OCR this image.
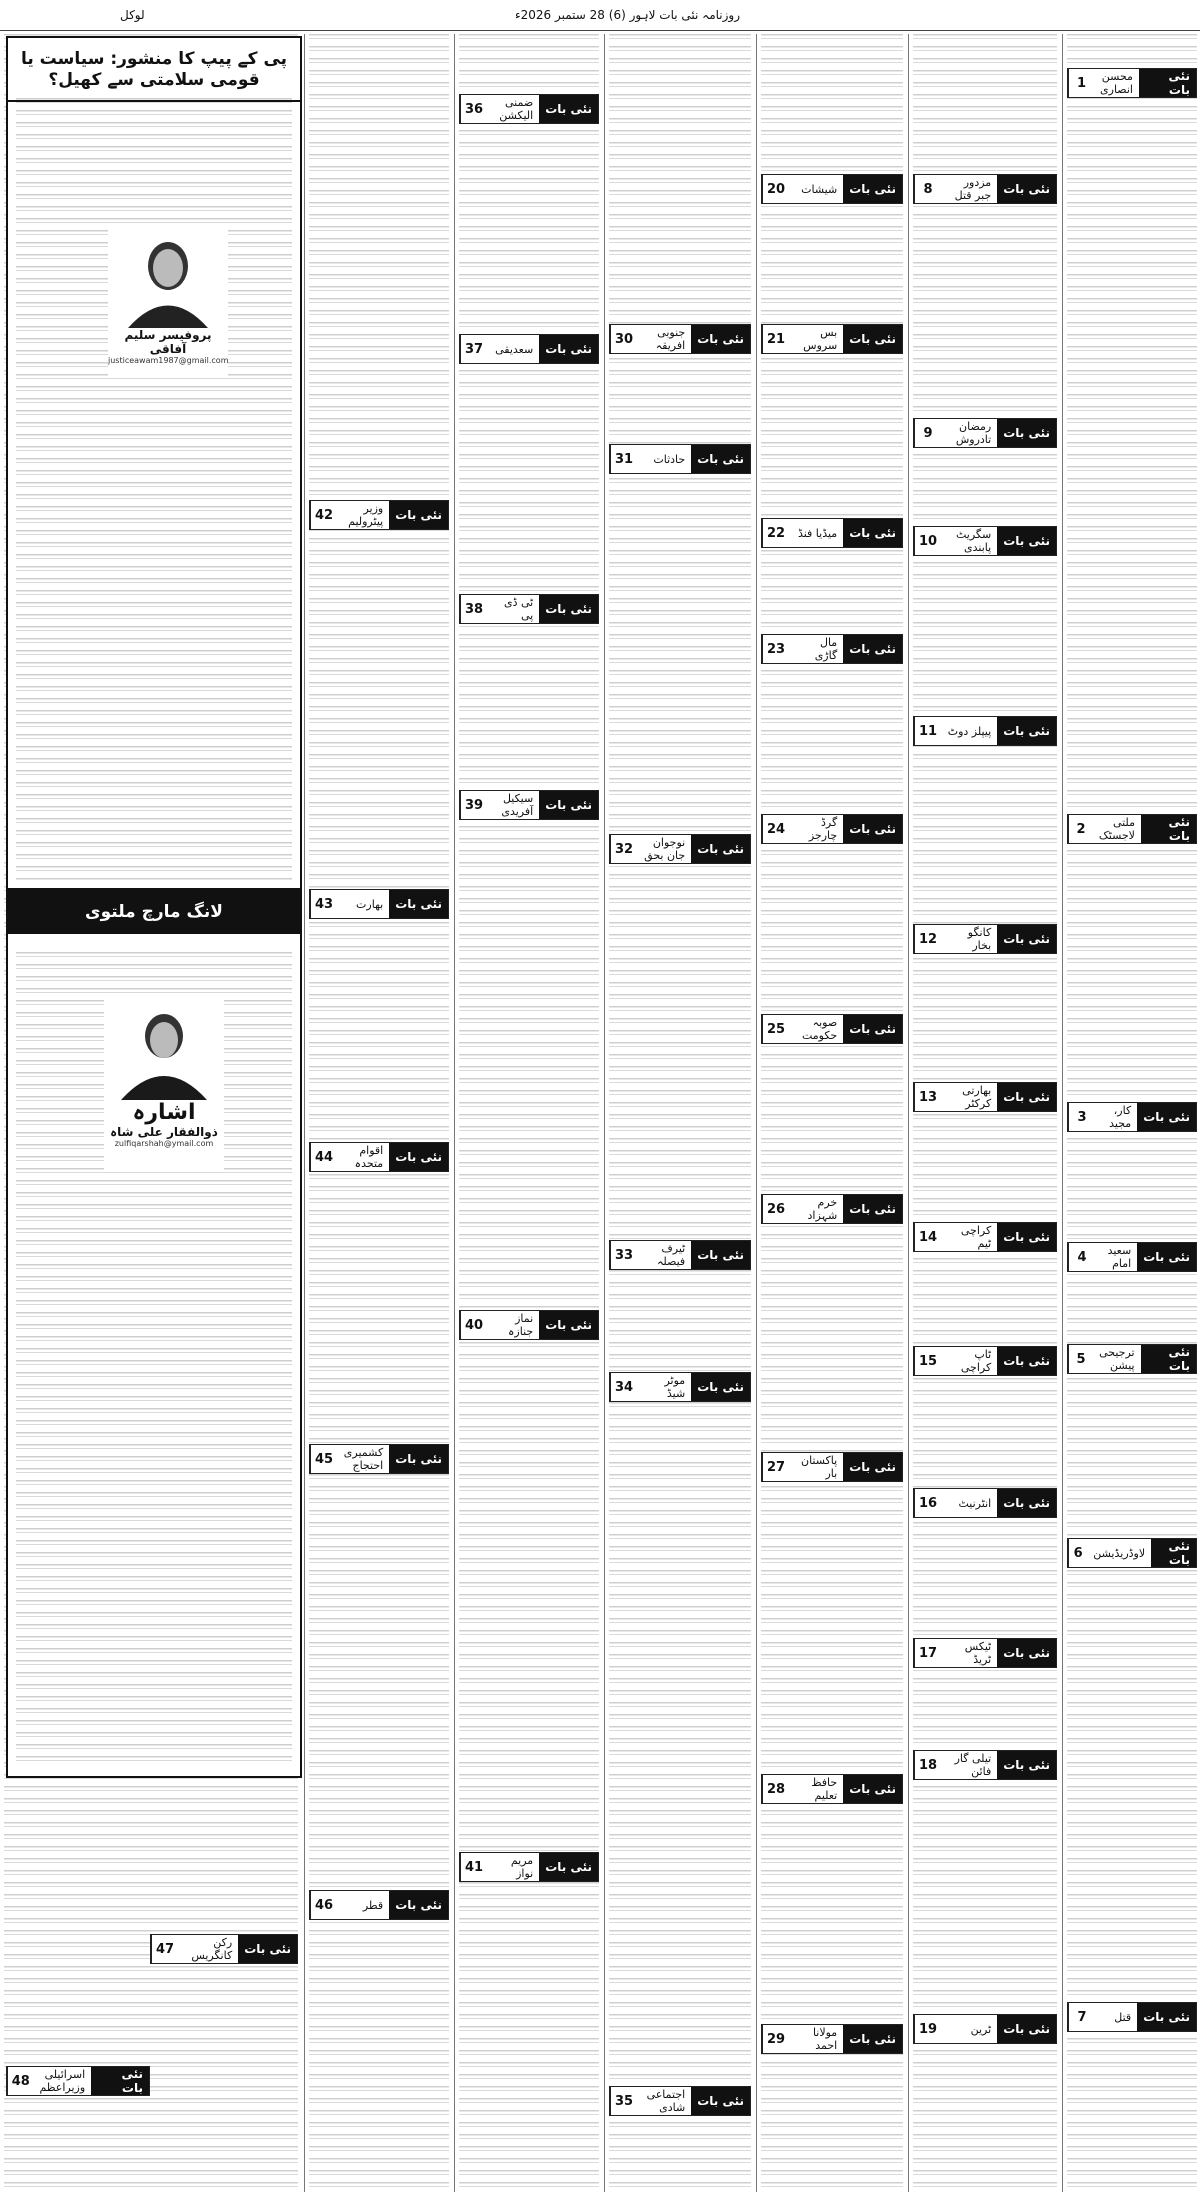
لوکل	روزنامہ نئی بات لاہور (6) 28 ستمبر 2026ء
نئی بات
محسن انصاری
1
نئی بات
ملتی لاجسٹک
2
نئی بات
کار، مجید
3
نئی بات
سعید امام
4
نئی بات
ترجیحی پیشن
5
نئی بات
لاوڈریڈیشن
6
نئی بات
قتل
7
نئی بات
مزدور جبر قتل
8
نئی بات
رمضان تادروش
9
نئی بات
سگریٹ پابندی
10
نئی بات
پیپلز دوٹ
11
نئی بات
کانگو بخار
12
نئی بات
بھارتی کرکٹر
13
نئی بات
کراچی ٹیم
14
نئی بات
ٹاپ کراچی
15
نئی بات
انٹرنیٹ
16
نئی بات
ٹیکس ٹریڈ
17
نئی بات
تیلی گار فائن
18
نئی بات
ٹرین
19
نئی بات
شیشات
20
نئی بات
بس سروس
21
نئی بات
میڈیا فنڈ
22
نئی بات
مال گاڑی
23
نئی بات
گرڈ چارجز
24
نئی بات
صوبہ حکومت
25
نئی بات
خرم شہزاد
26
نئی بات
پاکستان بار
27
نئی بات
حافظ تعلیم
28
نئی بات
مولانا احمد
29
نئی بات
جنوبی افریقہ
30
نئی بات
حادثات
31
نئی بات
نوجوان جان بحق
32
نئی بات
ٹیرف فیصلہ
33
نئی بات
موٹر شیڈ
34
نئی بات
اجتماعی شادی
35
نئی بات
ضمنی الیکشن
36
نئی بات
سعدیقی
37
نئی بات
ٹی ڈی پی
38
نئی بات
سیکیل آفریدی
39
نئی بات
نماز جنازہ
40
نئی بات
مریم نواز
41
نئی بات
وزیر پیٹرولیم
42
نئی بات
بھارت
43
نئی بات
اقوام متحدہ
44
نئی بات
کشمیری احتجاج
45
نئی بات
قطر
46
نئی بات
رکن کانگریس
47
نئی بات
اسرائیلی وزیراعظم
48
پی کے پیپ کا منشور: سیاست یا قومی سلامتی سے کھیل؟
پروفیسر سلیم آفاقی
justiceawam1987@gmail.com
لانگ مارچ ملتوی
اشارہ
ذوالفقار علی شاہ
zulfiqarshah@ymail.com
